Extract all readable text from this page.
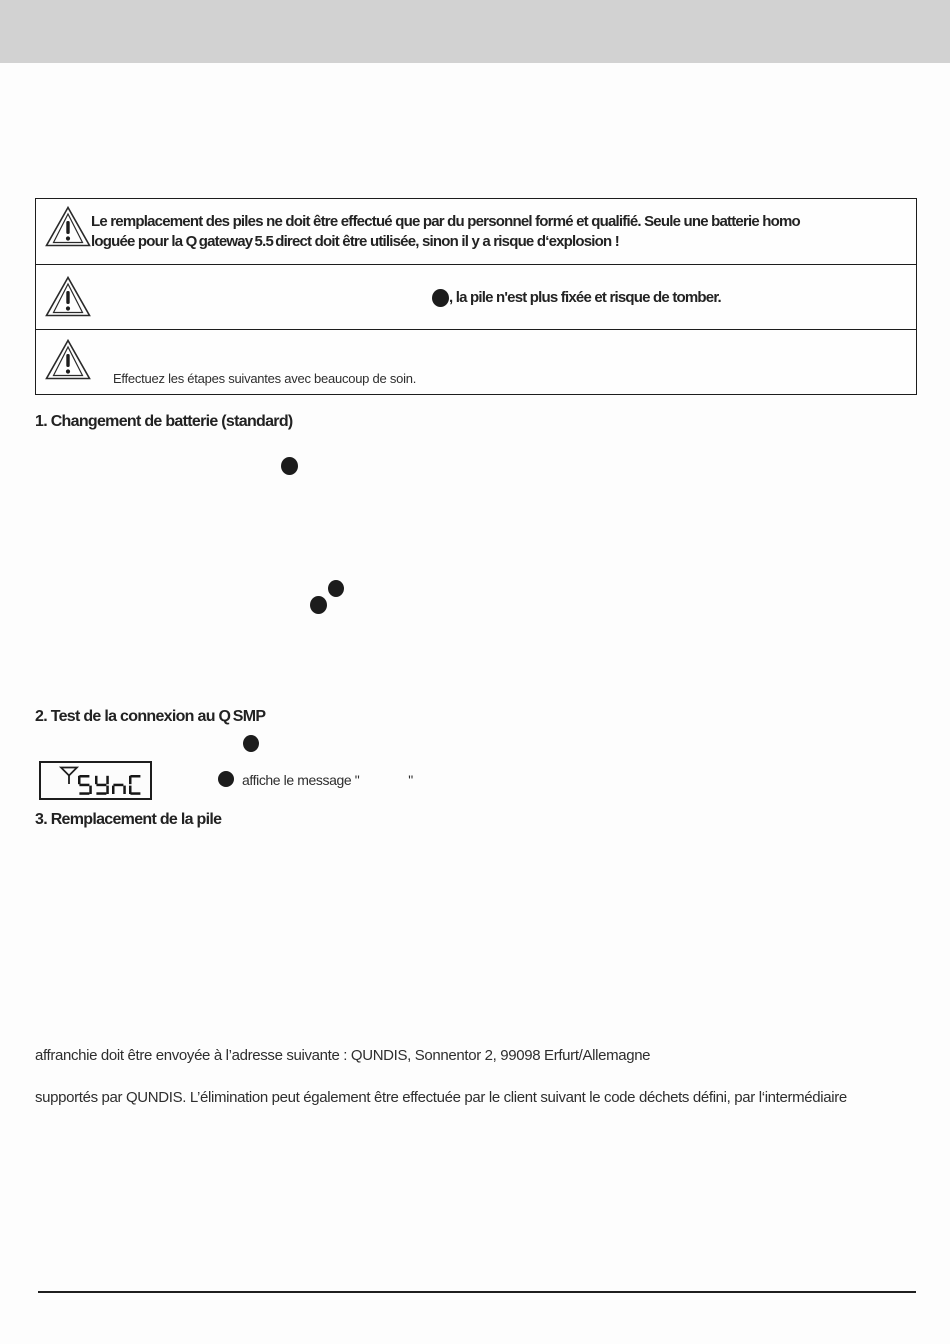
Le remplacement des piles ne doit être effectué que par du personnel formé et qualifié. Seule une batterie homo
loguée pour la Q gateway 5.5 direct doit être utilisée, sinon il y a risque d‘explosion !
, la pile n'est plus fixée et risque de tomber.
Effectuez les étapes suivantes avec beaucoup de soin.
1. Changement de batterie (standard)
2. Test de la connexion au Q SMP
affiche le message "              "
3. Remplacement de la pile
affranchie doit être envoyée à l’adresse suivante : QUNDIS, Sonnentor 2, 99098 Erfurt/Allemagne
supportés par QUNDIS. L’élimination peut également être effectuée par le client suivant le code déchets défini, par l‘intermédiaire
